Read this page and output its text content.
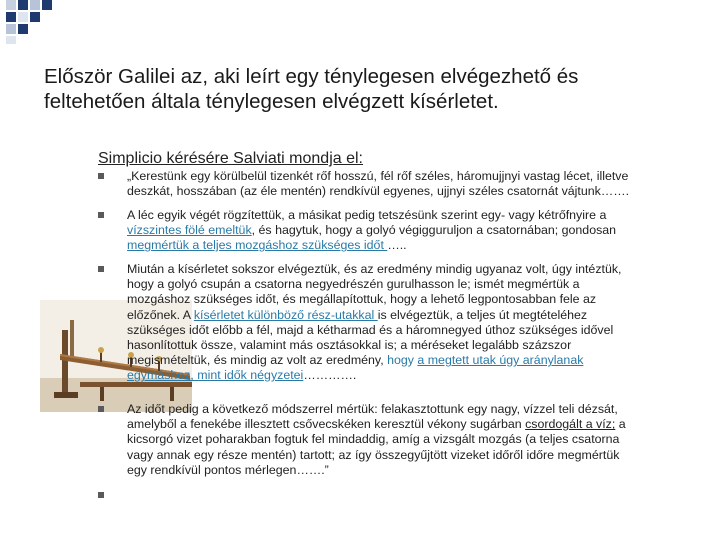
Először Galilei az, aki leírt egy ténylegesen elvégezhető és
feltehetően általa ténylegesen elvégzett kísérletet.
Simplicio kérésére Salviati mondja el:
„Kerestünk egy körülbelül tizenkét rőf hosszú, fél rőf széles, háromujjnyi vastag lécet, illetve
deszkát, hosszában (az éle mentén) rendkívül egyenes, ujjnyi széles csatornát vájtunk…….
A léc egyik végét rögzítettük, a másikat pedig tetszésünk szerint egy- vagy kétrőfnyire a
vízszintes fölé emeltük, és hagytuk, hogy a golyó végigguruljon a csatornában; gondosan
megmértük a teljes mozgáshoz szükséges időt …..
Miután a kísérletet sokszor elvégeztük, és az eredmény mindig ugyanaz volt, úgy intéztük,
hogy a golyó csupán a csatorna negyedrészén gurulhasson le; ismét megmértük a
mozgáshoz szükséges időt, és megállapítottuk, hogy a lehető legpontosabban fele az
előzőnek. A kísérletet különböző rész-utakkal is elvégeztük, a teljes út megtételéhez
szükséges időt előbb a fél, majd a kétharmad és a háromnegyed úthoz szükséges idővel
hasonlítottuk össze, valamint más osztásokkal is; a méréseket legalább százszor
megismételtük, és mindig az volt az eredmény, hogy a megtett utak úgy aránylanak
egymáshoz, mint idők négyzetei………….
Az időt pedig a következő módszerrel mértük: felakasztottunk egy nagy, vízzel teli dézsát,
amelyből a fenekébe illesztett csővecskéken keresztül vékony sugárban csordogált a víz; a
kicsorgó vizet poharakban fogtuk fel mindaddig, amíg a vizsgált mozgás (a teljes csatorna
vagy annak egy része mentén) tartott; az így összegyűjtött vizeket időről időre megmértük
egy rendkívül pontos mérlegen…….”
